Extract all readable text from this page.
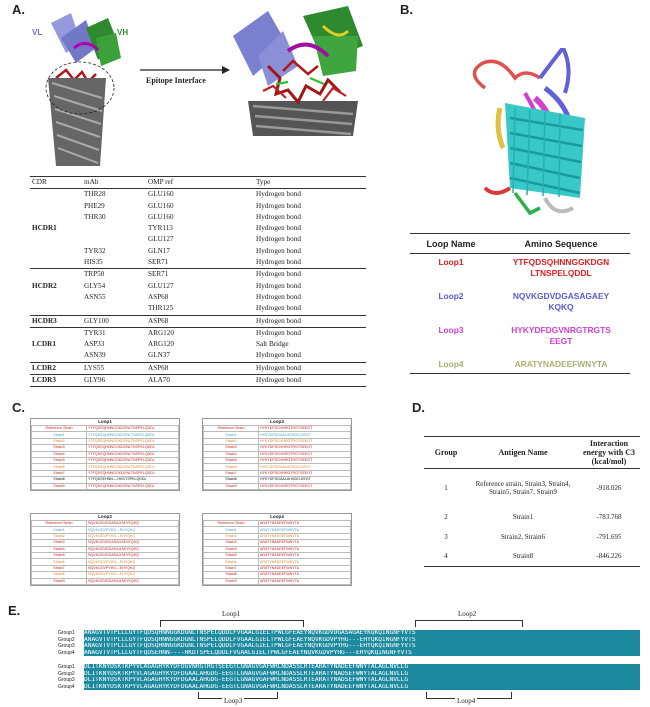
A.
VL	VH
Epitope Interface
CDR	mAb	OMP ref	Type
	THR28	GLU160	Hydrogen bond
	PHE29	GLU160	Hydrogen bond
	THR30	GLU160	Hydrogen bond
HCDR1		TYR113	Hydrogen bond
		GLU127	Hydrogen bond
	TYR32	GLN17	Hydrogen bond
	HIS35	SER71	Hydrogen bond
	TRP50	SER71	Hydrogen bond
HCDR2	GLY54	GLU127	Hydrogen bond
	ASN55	ASP68	Hydrogen bond
		THR125	Hydrogen bond
HCDR3	GLY100	ASP68	Hydrogen bond
	TYR31	ARG120	Hydrogen bond
LCDR1	ASP33	ARG120	Salt Bridge
	ASN39	GLN37	Hydrogen bond
LCDR2	LYS55	ASP68	Hydrogen bond
LCDR3	GLY96	ALA70	Hydrogen bond
B.
Loop Name	Amino Sequence
Loop1	YTFQDSQHNNGGKDGN
LTNSPELQDDL

Loop2	NQVKGDVDGASAGAEY
KQKQ

Loop3	HYKYDFDGVNRGTRGTS
EEGT

Loop4	ARATYNADEEFWNYTA
C.
Loop1	
Reference Strain	YTFQDSQHNNGGKDGNLTNSPELQDDL
Strain1	YTFQDSQHNNGGKDGNLTNSPELQDDL
Strain2	YTFQDSQHNNGGKDGNLTNSPELQDDL
Strain3	YTFQDSQHNNGGKDGNLTNSPELQDDL
Strain4	YTFQDSQHNNGGKDGNLTNSPELQDDL
Strain5	YTFQDSQHNNGGKDGNLTNSPELQDDL
Strain6	YTFQDSQHNNGGKDGNLTNSPELQDDL
Strain7	YTFQDSQHNNGGKDGNLTNSPELQDDL
Strain8	YTFQDSEHNN----HKDTSPELQDDL
Strain9	YTFQDSQHNNGGKDGNLTNSPELQDDL
Loop3	
Reference Strain	HYKYDFDGVNRGTRGTSEEGT
Strain1	HYKYDFDGAALAHGDG-EEGT
Strain2	HYKYDFDGVNRGTRGTSEEGT
Strain3	HYKYDFDGVNRGTRGTSEEGT
Strain4	HYKYDFDGVNRGTRGTSEEGT
Strain5	HYKYDFDGVNRGTRGTSEEGT
Strain6	HYKYDFDGAALAHGDG-EEGT
Strain7	HYKYDFDGVNRGTRGTSEEGT
Strain8	HYKYDFDGAALAHGDG-EEGT
Strain9	HYKYDFDGVNRGTRGTSEEGT
Loop2	
Reference Strain	NQVKGDVDGASAGAEYKQKQ
Strain1	NQVKGDVPYHG---EHYQKQ
Strain2	NQVKGDVPYHG---EHYQKQ
Strain3	NQVKGDVDGASAGAEYKQKQ
Strain4	NQVKGDVDGASAGAEYKQKQ
Strain5	NQVKGDVDGASAGAEYKQKQ
Strain6	NQVKGDVPYHG---EHYQKQ
Strain7	NQVKGDVPYHG---EHYQKQ
Strain8	NQVKGDVPYHG---EHYQKQ
Strain9	NQVKGDVDGASAGAEYKQKQ
Loop4	
Reference Strain	ARATYNADEEFWNYTA
Strain1	ARATYNADSEFWNYTA
Strain2	ARATYNADSEFWNYTA
Strain3	ARATYNADEEFWNYTA
Strain4	ARATYNADEEFWNYTA
Strain5	ARATYNADEEFWNYTA
Strain6	ARATYNADSEFWNYTA
Strain7	ARATYNADEEFWNYTA
Strain8	ARATYNADEEFWNYTA
Strain9	ARATYNADEEFWNYTA
D.
Group	Antigen Name	Interaction energy with C3 (kcal/mol)
1	Reference strain, Strain3, Strain4, Strain5, Strain7, Strain9	-918.026
2	Strain1	-783.768
3	Strain2, Strain6	-791.695
4	Strain8	-846.226
E.	Loop1	Loop2
Group1 ANAGVTVTPLLLGYTFQDSQHNNGGKDGNLTNSPELQDDLFVGAALGIELTPWLGFEAEYNQVKGDVDGASAGAEYKQKQINGNFYVTS
Group2 ANAGVTVTPLLLGYTFQDSQHNNGGKDGNLTNSPELQDDLFVGAALGIELTPWLGFEAEYNQVKGDVPYHG---EHYQKQINGNFYVTS
Group3 ANAGVTVTPLLLGYTFQDSQHNNGGKDGNLTNSPELQDDLFVGAALGIELTPWLGFEAEYNQVKGDVPYHG---EHYQKQINGNFYVTS
Group4 ANAGVTVTPLLLGYTFQDSEHNN----HKDTSPELQDDLFVGAALGIELTPWLGFEAEYNQVKGDVPYHG---EHYQKQINGNFYVTS
Group1 DLITKNYDSKTKPYVLAGAGHYKYDFDGVNRGTRGTSEEGTLGNAGVGAFWRLNDASSLRTEARATYNADEEFWNYTALAGLNVLLG
Group2 DLITKNYDSKTKPYVLAGAGHYKYDFDGAALAHGDG-EEGTLGNAGVGAFWRLNDASSLRTEARATYNADSEFWNYTALAGLNVLLG
Group3 DLITKNYDSKTKPYVLAGAGHYKYDFDGAALAHGDG-EEGTLGNAGVGAFWRLNDASSLRTEARATYNADSEFWNYTALAGLNVLLG
Group4 DLITKNYDSKTKPYVLAGAGHYKYDFDGAALAHGDG-EEGTLGNAGVGAFWRLNDASSLRTEARATYNADEEFWNYTALAGLNVLLG
Loop3	Loop4
